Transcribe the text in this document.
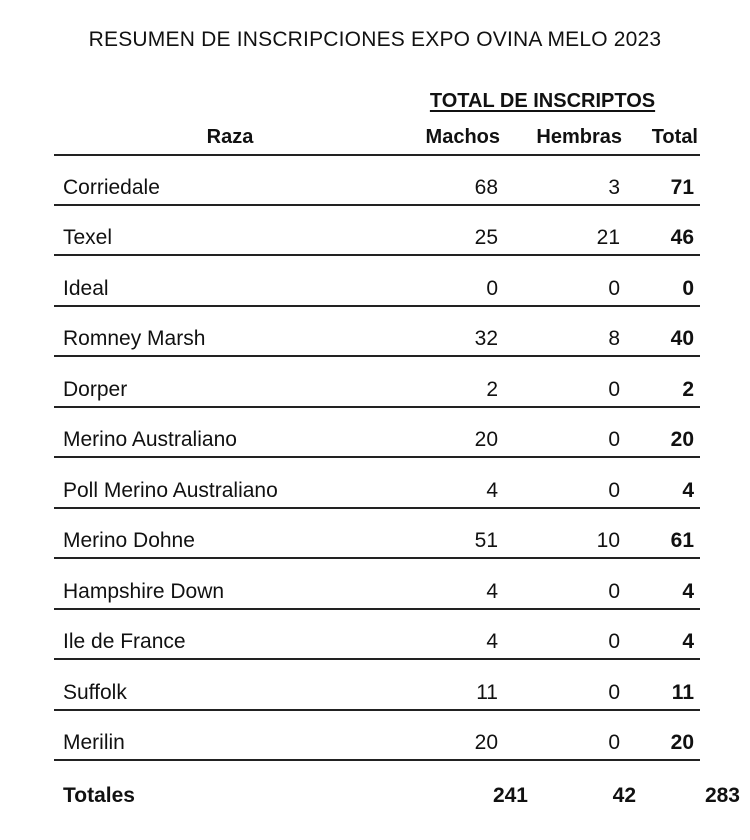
RESUMEN DE INSCRIPCIONES EXPO OVINA MELO 2023
TOTAL DE INSCRIPTOS
Raza	Machos	Hembras	Total
Corriedale	68	3	71
Texel	25	21	46
Ideal	0	0	0
Romney Marsh	32	8	40
Dorper	2	0	2
Merino Australiano	20	0	20
Poll Merino Australiano	4	0	4
Merino Dohne	51	10	61
Hampshire Down	4	0	4
Ile de France	4	0	4
Suffolk	11	0	11
Merilin	20	0	20
Totales	241	42	283
